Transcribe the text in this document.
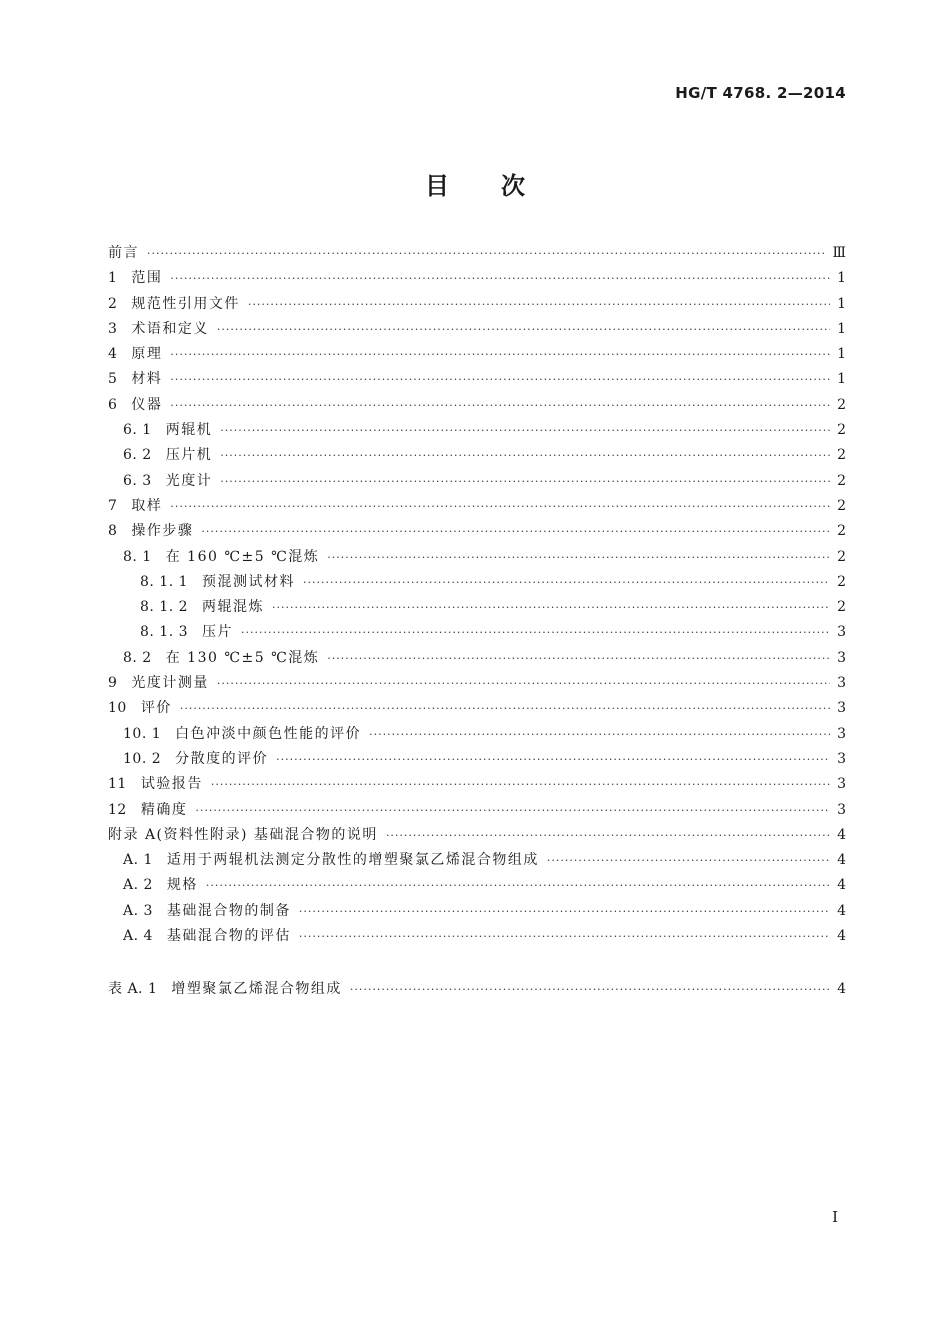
HG/T 4768. 2—2014
目次
前言 ·····	Ⅲ
1 范围 ·····	1
2 规范性引用文件 ·····	1
3 术语和定义 ·····	1
4 原理 ·····	1
5 材料 ·····	1
6 仪器 ·····	2
6. 1 两辊机 ·····	2
6. 2 压片机 ·····	2
6. 3 光度计 ·····	2
7 取样 ·····	2
8 操作步骤 ·····	2
8. 1 在 160 ℃±5 ℃混炼 ·····	2
8. 1. 1 预混测试材料 ·····	2
8. 1. 2 两辊混炼 ·····	2
8. 1. 3 压片 ·····	3
8. 2 在 130 ℃±5 ℃混炼 ·····	3
9 光度计测量 ·····	3
10 评价 ·····	3
10. 1 白色冲淡中颜色性能的评价 ·····	3
10. 2 分散度的评价 ·····	3
11 试验报告 ·····	3
12 精确度 ·····	3
附录 A(资料性附录) 基础混合物的说明 ·····	4
A. 1 适用于两辊机法测定分散性的增塑聚氯乙烯混合物组成 ·····	4
A. 2 规格 ·····	4
A. 3 基础混合物的制备 ·····	4
A. 4 基础混合物的评估 ·····	4
表 A. 1 增塑聚氯乙烯混合物组成 ·····	4
I
